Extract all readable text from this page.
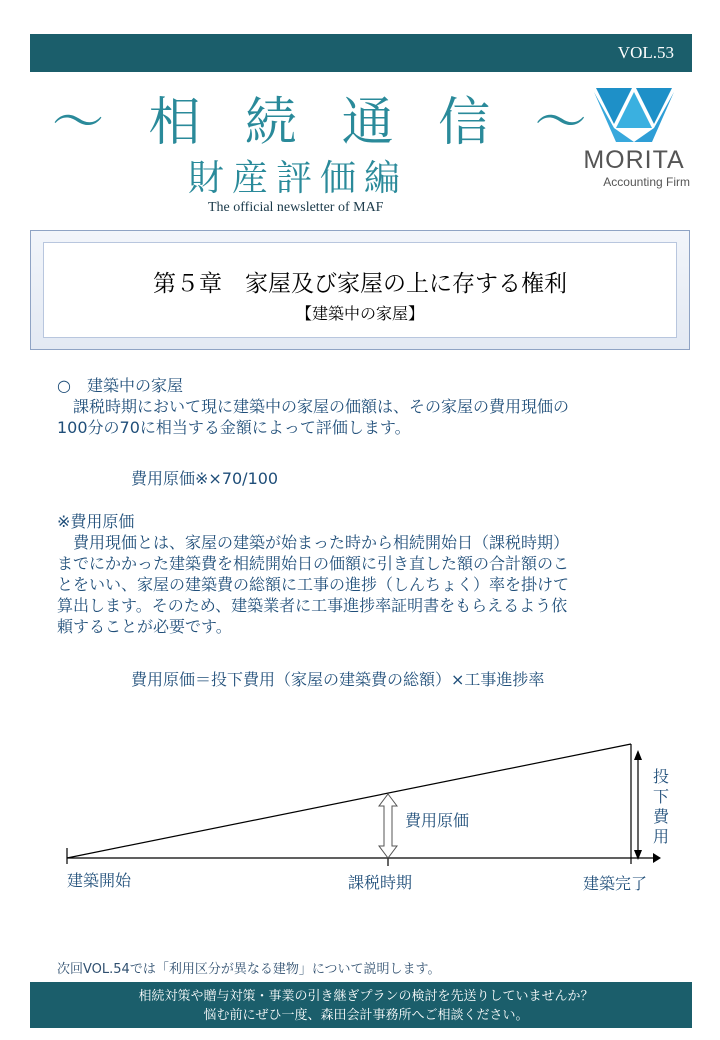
VOL.53
～ 相 続 通 信 ～
財産評価編
The official newsletter of MAF
MORITA
Accounting Firm
第５章　家屋及び家屋の上に存する権利
【建築中の家屋】
○　建築中の家屋
課税時期において現に建築中の家屋の価額は、その家屋の費用現価の
100分の70に相当する金額によって評価します。
費用原価※×70/100
※費用原価
費用現価とは、家屋の建築が始まった時から相続開始日（課税時期）
までにかかった建築費を相続開始日の価額に引き直した額の合計額のこ
とをいい、家屋の建築費の総額に工事の進捗（しんちょく）率を掛けて
算出します。そのため、建築業者に工事進捗率証明書をもらえるよう依
頼することが必要です。
費用原価＝投下費用（家屋の建築費の総額）×工事進捗率
費用原価
投
下
費
用
建築開始	課税時期	建築完了
次回VOL.54では「利用区分が異なる建物」について説明します。
相続対策や贈与対策・事業の引き継ぎプランの検討を先送りしていませんか？
悩む前にぜひ一度、森田会計事務所へご相談ください。
